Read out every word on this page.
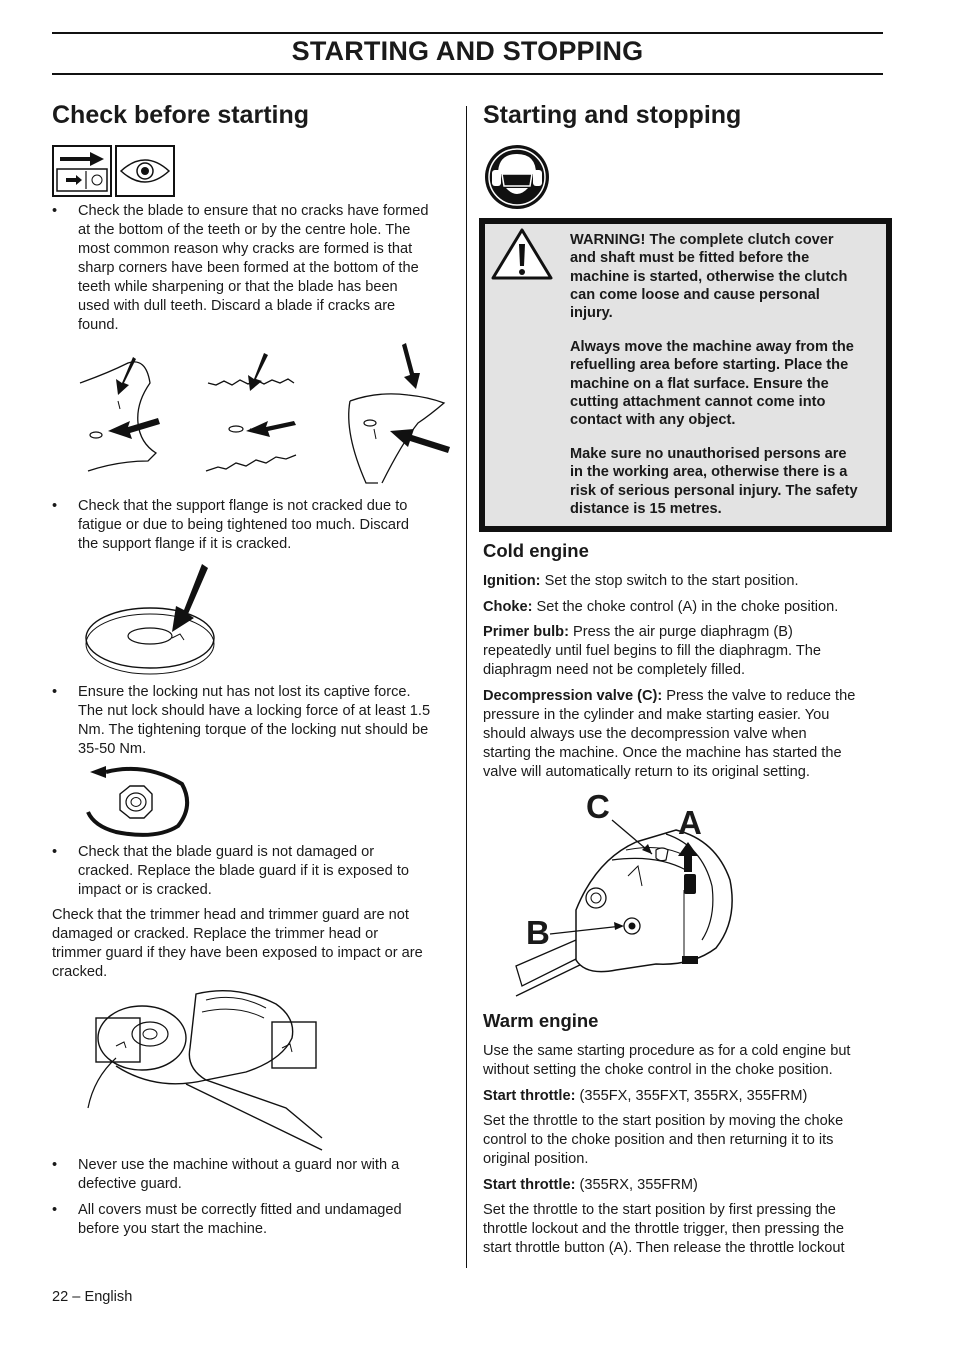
STARTING AND STOPPING
Check before starting
• Check the blade to ensure that no cracks have formed
at the bottom of the teeth or by the centre hole. The
most common reason why cracks are formed is that
sharp corners have been formed at the bottom of the
teeth while sharpening or that the blade has been
used with dull teeth. Discard a blade if cracks are
found.
• Check that the support flange is not cracked due to
fatigue or due to being tightened too much. Discard
the support flange if it is cracked.
• Ensure the locking nut has not lost its captive force.
The nut lock should have a locking force of at least 1.5
Nm. The tightening torque of the locking nut should be
35-50 Nm.
• Check that the blade guard is not damaged or
cracked. Replace the blade guard if it is exposed to
impact or is cracked.
Check that the trimmer head and trimmer guard are not
damaged or cracked. Replace the trimmer head or
trimmer guard if they have been exposed to impact or are
cracked.
• Never use the machine without a guard nor with a
defective guard.
• All covers must be correctly fitted and undamaged
before you start the machine.
Starting and stopping
WARNING! The complete clutch cover
and shaft must be fitted before the
machine is started, otherwise the clutch
can come loose and cause personal
injury.
Always move the machine away from the
refuelling area before starting. Place the
machine on a flat surface. Ensure the
cutting attachment cannot come into
contact with any object.
Make sure no unauthorised persons are
in the working area, otherwise there is a
risk of serious personal injury. The safety
distance is 15 metres.
Cold engine
Ignition: Set the stop switch to the start position.
Choke: Set the choke control (A) in the choke position.
Primer bulb: Press the air purge diaphragm (B)
repeatedly until fuel begins to fill the diaphragm. The
diaphragm need not be completely filled.
Decompression valve (C): Press the valve to reduce the
pressure in the cylinder and make starting easier. You
should always use the decompression valve when
starting the machine. Once the machine has started the
valve will automatically return to its original setting.
C A
B
Warm engine
Use the same starting procedure as for a cold engine but
without setting the choke control in the choke position.
Start throttle: (355FX, 355FXT, 355RX, 355FRM)
Set the throttle to the start position by moving the choke
control to the choke position and then returning it to its
original position.
Start throttle: (355RX, 355FRM)
Set the throttle to the start position by first pressing the
throttle lockout and the throttle trigger, then pressing the
start throttle button (A). Then release the throttle lockout
22 – English
